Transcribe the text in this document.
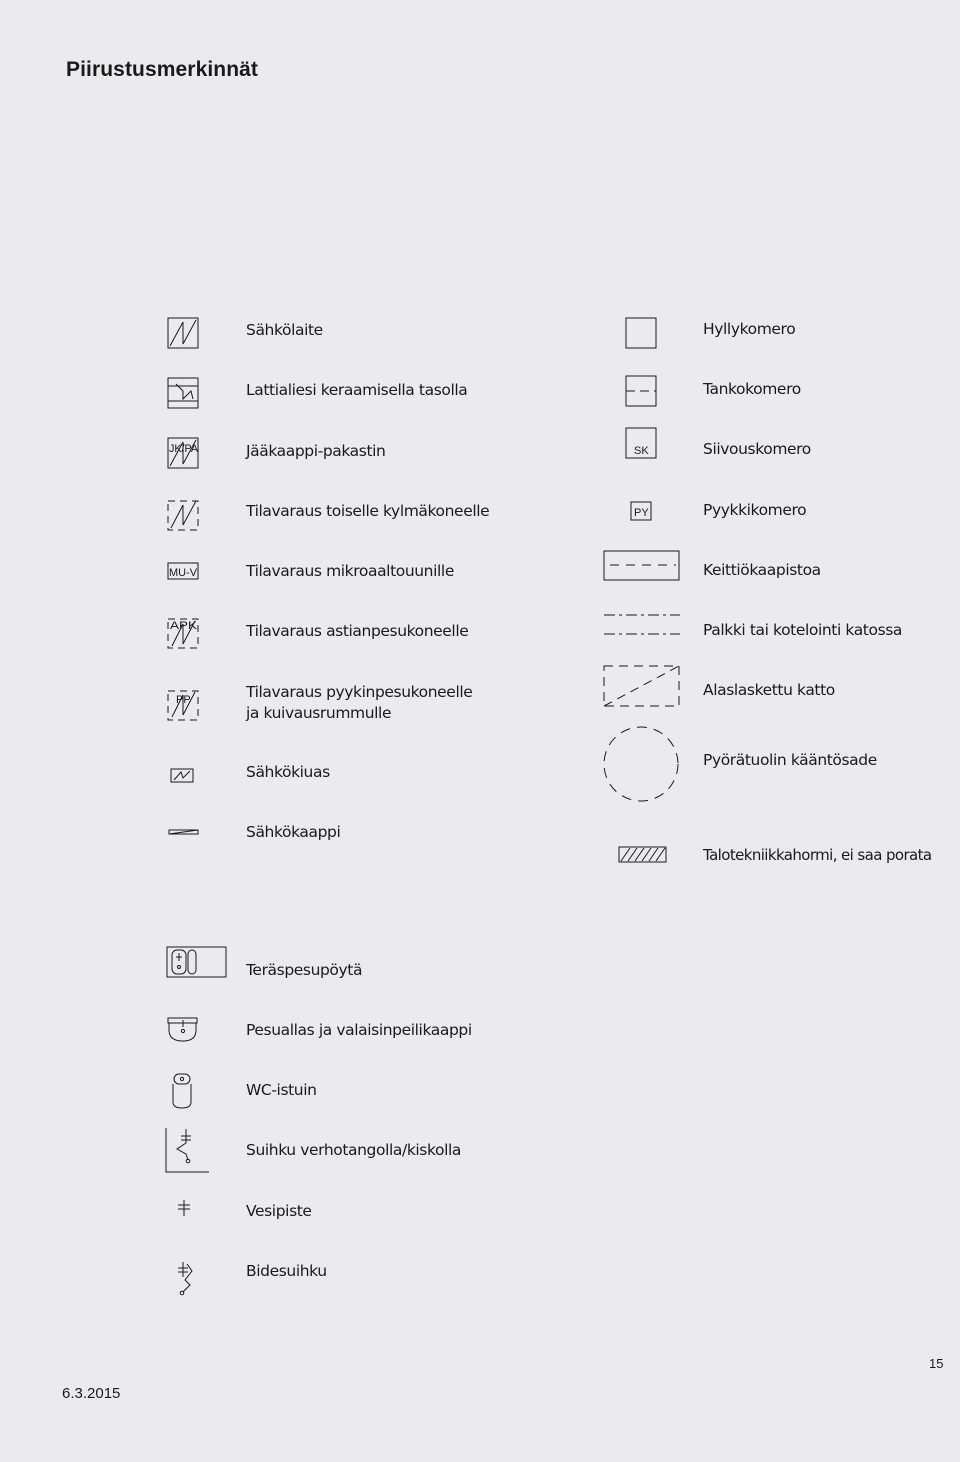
Piirustusmerkinnät
JK/PA
MU-V
APK
PP
SK
PY
Sähkölaite
Lattialiesi keraamisella tasolla
Jääkaappi-pakastin
Tilavaraus toiselle kylmäkoneelle
Tilavaraus mikroaaltouunille
Tilavaraus astianpesukoneelle
Tilavaraus pyykinpesukoneelle
ja kuivausrummulle
Sähkökiuas
Sähkökaappi
Hyllykomero
Tankokomero
Siivouskomero
Pyykkikomero
Keittiökaapistoa
Palkki tai kotelointi katossa
Alaslaskettu katto
Pyörätuolin kääntösade
Talotekniikkahormi, ei saa porata
Teräspesupöytä
Pesuallas ja valaisinpeilikaappi
WC-istuin
Suihku verhotangolla/kiskolla
Vesipiste
Bidesuihku
15
6.3.2015
